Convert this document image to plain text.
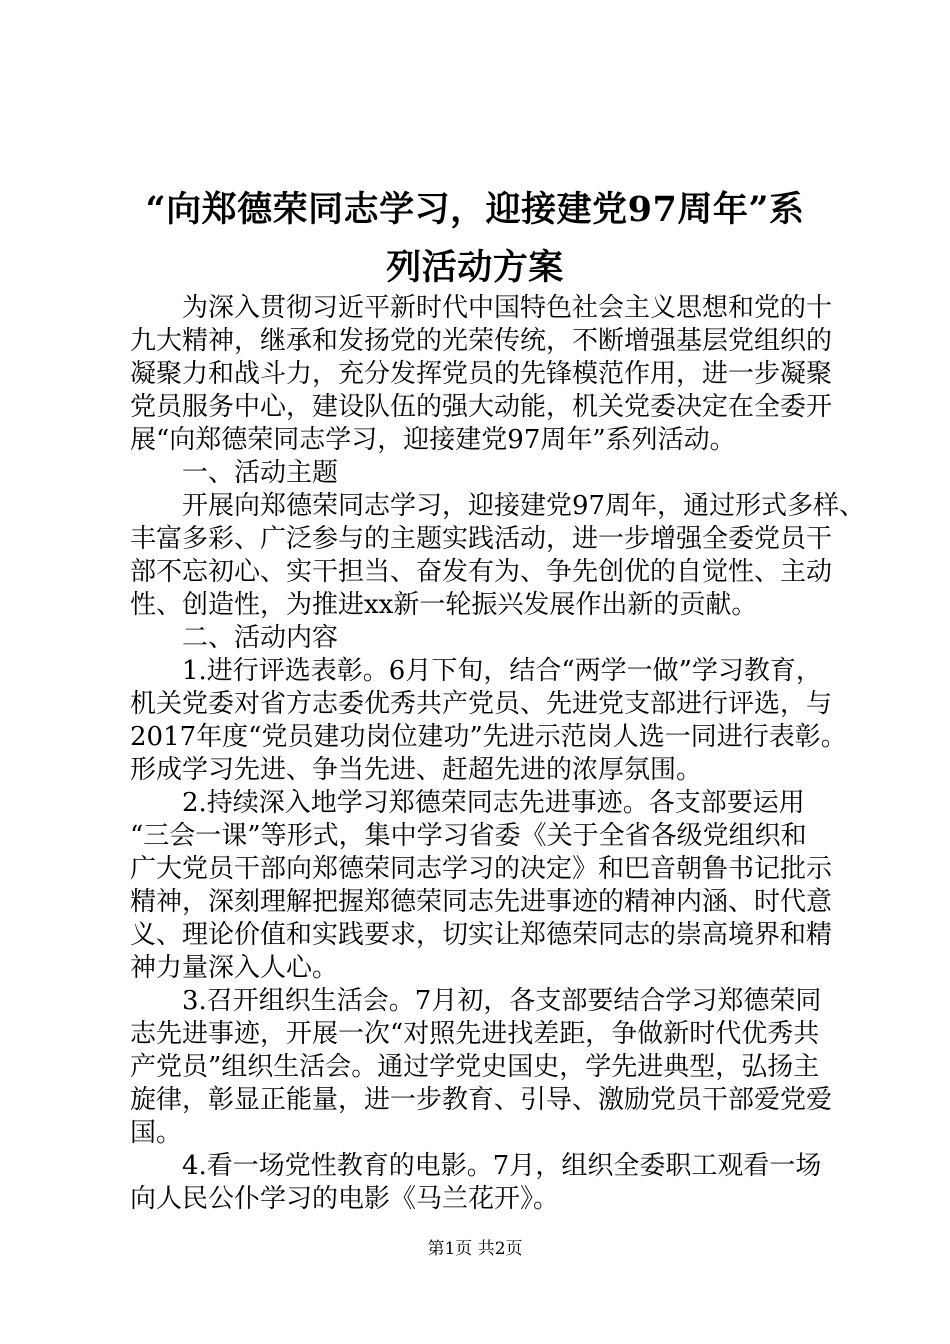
“向郑德荣同志学习，迎接建党97周年”系
列活动方案
为深入贯彻习近平新时代中国特色社会主义思想和党的十
九大精神，继承和发扬党的光荣传统，不断增强基层党组织的
凝聚力和战斗力，充分发挥党员的先锋模范作用，进一步凝聚
党员服务中心，建设队伍的强大动能，机关党委决定在全委开
展“向郑德荣同志学习，迎接建党97周年”系列活动。
一、活动主题
开展向郑德荣同志学习，迎接建党97周年，通过形式多样、
丰富多彩、广泛参与的主题实践活动，进一步增强全委党员干
部不忘初心、实干担当、奋发有为、争先创优的自觉性、主动
性、创造性，为推进xx新一轮振兴发展作出新的贡献。
二、活动内容
1.进行评选表彰。6月下旬，结合“两学一做”学习教育，
机关党委对省方志委优秀共产党员、先进党支部进行评选，与
2017年度“党员建功岗位建功”先进示范岗人选一同进行表彰。
形成学习先进、争当先进、赶超先进的浓厚氛围。
2.持续深入地学习郑德荣同志先进事迹。各支部要运用
“三会一课”等形式，集中学习省委《关于全省各级党组织和
广大党员干部向郑德荣同志学习的决定》和巴音朝鲁书记批示
精神，深刻理解把握郑德荣同志先进事迹的精神内涵、时代意
义、理论价值和实践要求，切实让郑德荣同志的崇高境界和精
神力量深入人心。
3.召开组织生活会。7月初，各支部要结合学习郑德荣同
志先进事迹，开展一次“对照先进找差距，争做新时代优秀共
产党员”组织生活会。通过学党史国史，学先进典型，弘扬主
旋律，彰显正能量，进一步教育、引导、激励党员干部爱党爱
国。
4.看一场党性教育的电影。7月，组织全委职工观看一场
向人民公仆学习的电影《马兰花开》。
第1页 共2页
